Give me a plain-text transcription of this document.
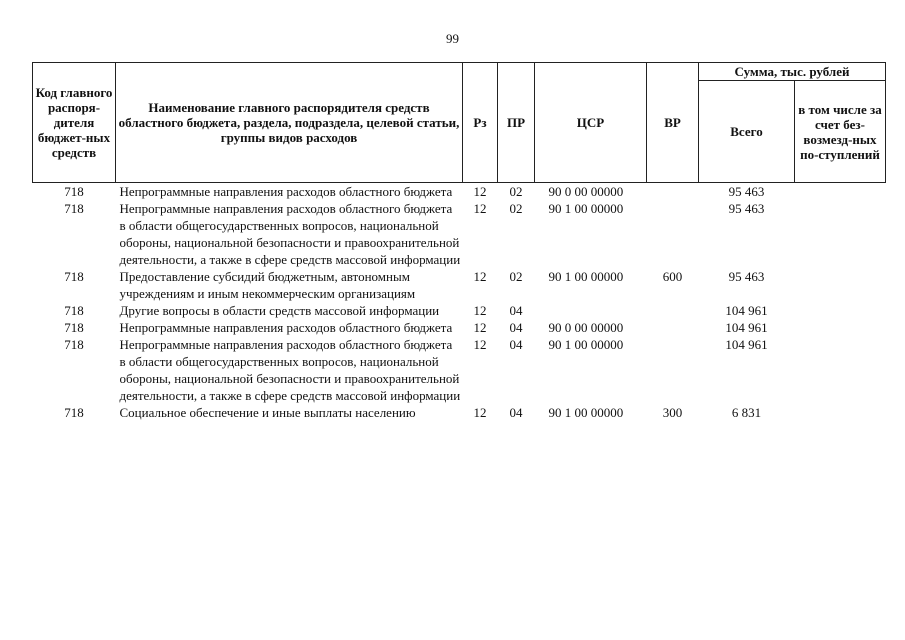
99
Код главного распоря-дителя бюджет-ных средств	Наименование главного распорядителя средств областного бюджета, раздела, подраздела, целевой статьи, группы видов расходов	Рз	ПР	ЦСР	ВР	Сумма, тыс. рублей	
						Всего	в том числе за счет без-возмезд-ных по-ступлений
718	Непрограммные направления расходов областного бюджета	12	02	90 0 00 00000		95 463	
718	Непрограммные направления расходов областного бюджета в области общегосударственных вопросов, национальной обороны, национальной безопасности и правоохранительной деятельности, а также в сфере средств массовой информации	12	02	90 1 00 00000		95 463	
718	Предоставление субсидий бюджетным, автономным учреждениям и иным некоммерческим организациям	12	02	90 1 00 00000	600	95 463	
718	Другие вопросы в области средств массовой информации	12	04			104 961	
718	Непрограммные направления расходов областного бюджета	12	04	90 0 00 00000		104 961	
718	Непрограммные направления расходов областного бюджета в области общегосударственных вопросов, национальной обороны, национальной безопасности и правоохранительной деятельности, а также в сфере средств массовой информации	12	04	90 1 00 00000		104 961	
718	Социальное обеспечение и иные выплаты населению	12	04	90 1 00 00000	300	6 831	
